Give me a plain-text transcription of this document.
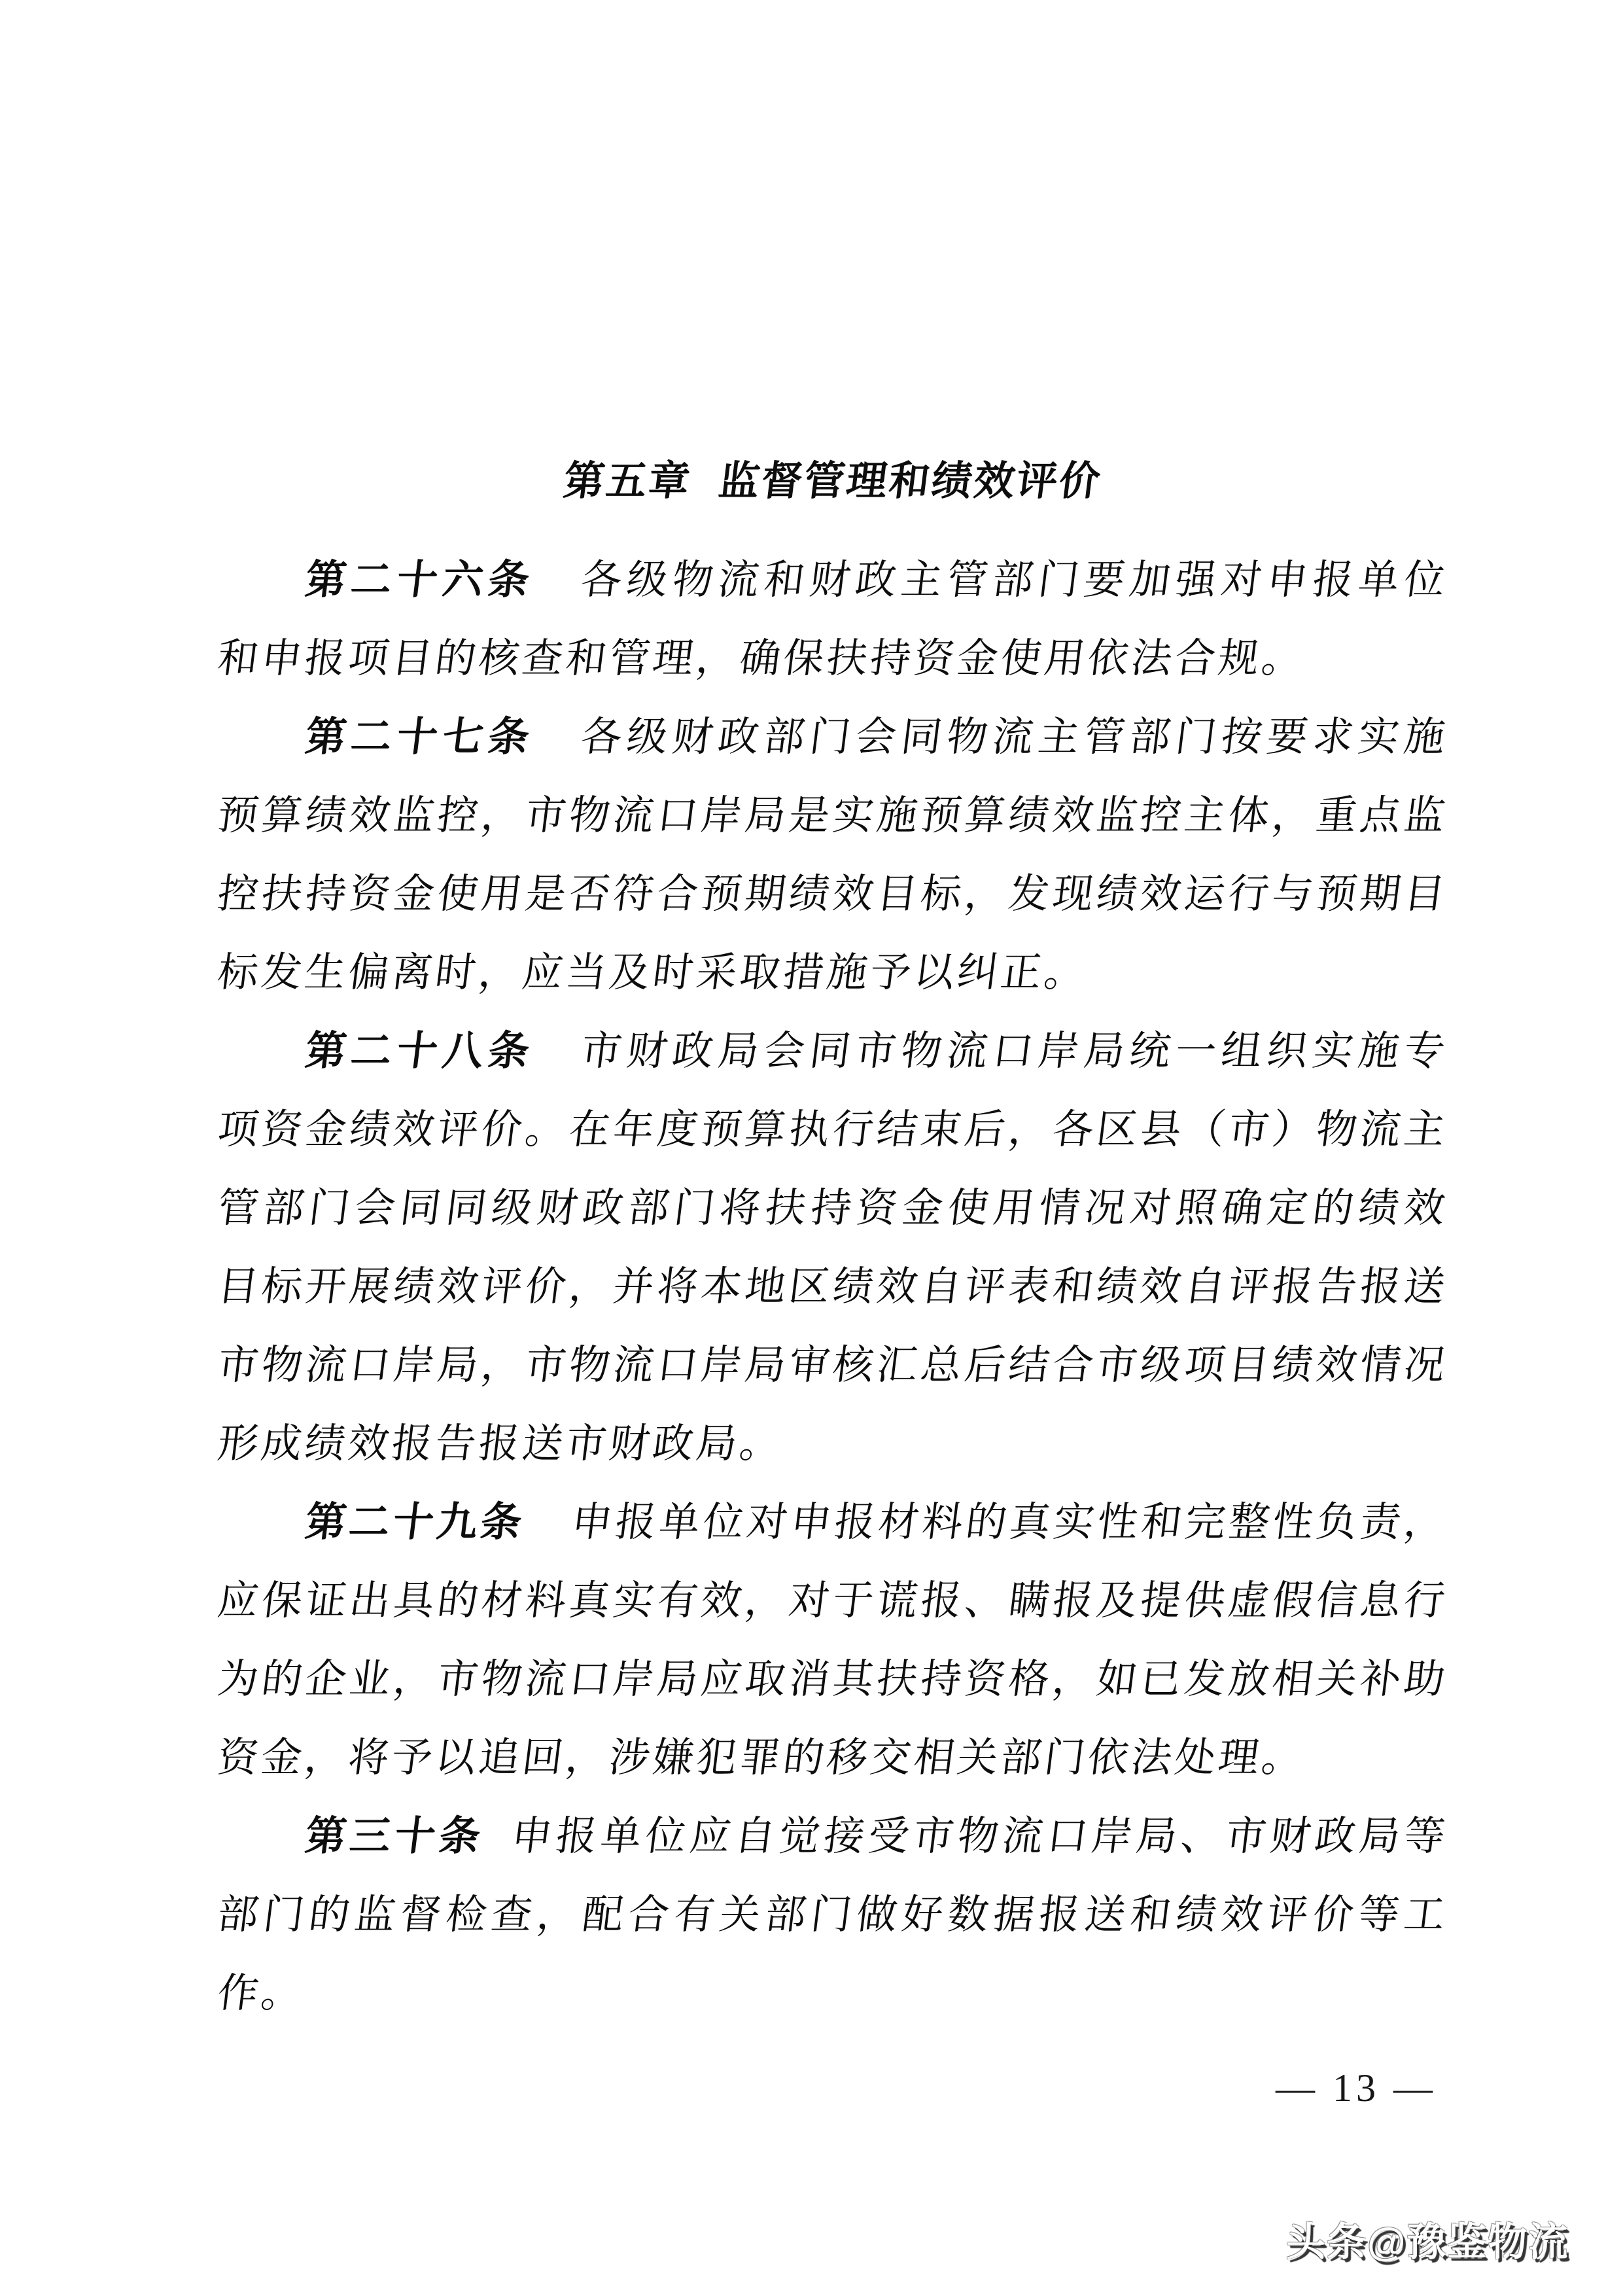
第五章 监督管理和绩效评价
第二十六条 各级物流和财政主管部门要加强对申报单位
和申报项目的核查和管理，确保扶持资金使用依法合规。
第二十七条 各级财政部门会同物流主管部门按要求实施
预算绩效监控，市物流口岸局是实施预算绩效监控主体，重点监
控扶持资金使用是否符合预期绩效目标，发现绩效运行与预期目
标发生偏离时，应当及时采取措施予以纠正。
第二十八条 市财政局会同市物流口岸局统一组织实施专
项资金绩效评价。在年度预算执行结束后，各区县（市）物流主
管部门会同同级财政部门将扶持资金使用情况对照确定的绩效
目标开展绩效评价，并将本地区绩效自评表和绩效自评报告报送
市物流口岸局，市物流口岸局审核汇总后结合市级项目绩效情况
形成绩效报告报送市财政局。
第二十九条 申报单位对申报材料的真实性和完整性负责，
应保证出具的材料真实有效，对于谎报、瞒报及提供虚假信息行
为的企业，市物流口岸局应取消其扶持资格，如已发放相关补助
资金，将予以追回，涉嫌犯罪的移交相关部门依法处理。
第三十条 申报单位应自觉接受市物流口岸局、市财政局等
部门的监督检查，配合有关部门做好数据报送和绩效评价等工
作。
— 13 —
头条@豫鉴物流
